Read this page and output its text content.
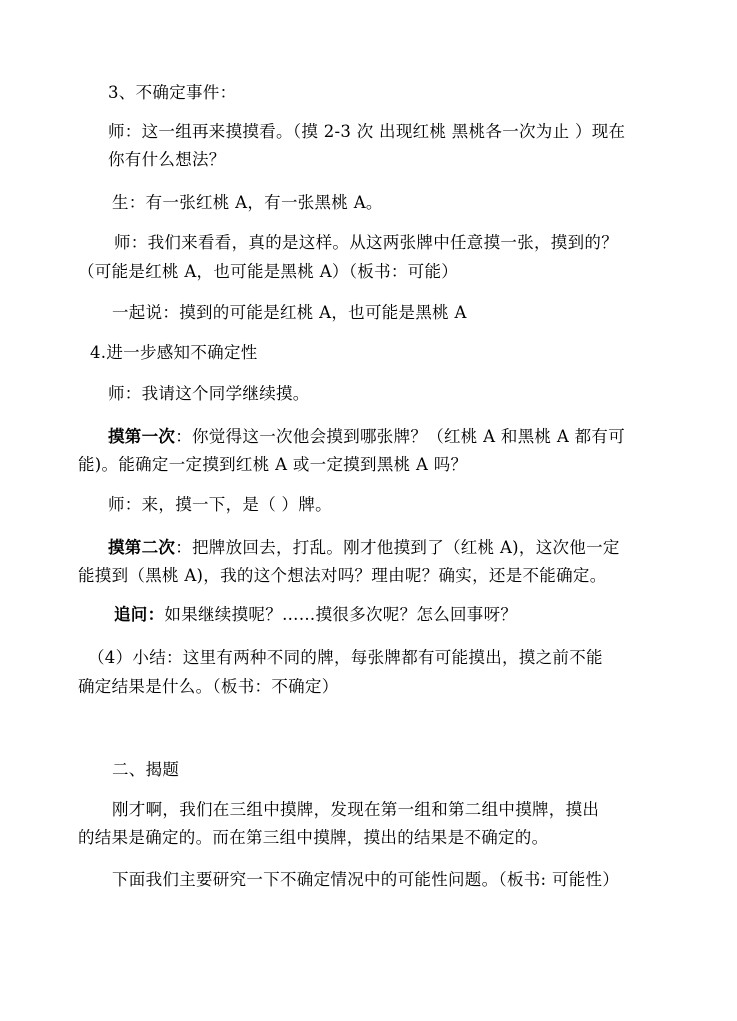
3、不确定事件：
师：这一组再来摸摸看。（摸 2-3 次 出现红桃 黑桃各一次为止 ）现在
你有什么想法？
生：有一张红桃 A，有一张黑桃 A。
师：我们来看看，真的是这样。从这两张牌中任意摸一张，摸到的？
（可能是红桃 A，也可能是黑桃 A）（板书：可能）
一起说：摸到的可能是红桃 A，也可能是黑桃 A
4.进一步感知不确定性
师：我请这个同学继续摸。
摸第一次：你觉得这一次他会摸到哪张牌？（红桃 A 和黑桃 A 都有可
能)。能确定一定摸到红桃 A 或一定摸到黑桃 A 吗？
师：来，摸一下，是（ ）牌。
摸第二次：把牌放回去，打乱。刚才他摸到了（红桃 A)，这次他一定
能摸到（黑桃 A)，我的这个想法对吗？理由呢？确实，还是不能确定。
追问：如果继续摸呢？……摸很多次呢？怎么回事呀？
（4）小结：这里有两种不同的牌，每张牌都有可能摸出，摸之前不能
确定结果是什么。（板书：不确定）
二、揭题
刚才啊，我们在三组中摸牌，发现在第一组和第二组中摸牌，摸出
的结果是确定的。而在第三组中摸牌，摸出的结果是不确定的。
下面我们主要研究一下不确定情况中的可能性问题。（板书: 可能性）
